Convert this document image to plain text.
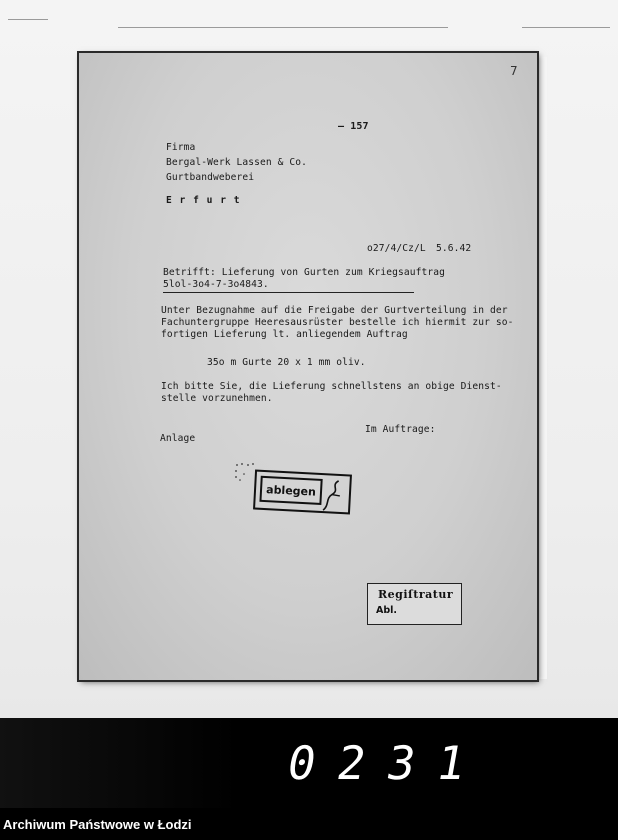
7
— 157
Firma
Bergal-Werk Lassen & Co.
Gurtbandweberei
E r f u r t
o27/4/Cz/L 5.6.42
Betrifft: Lieferung von Gurten zum Kriegsauftrag
5lol-3o4-7-3o4843.
Unter Bezugnahme auf die Freigabe der Gurtverteilung in der
Fachuntergruppe Heeresausrüster bestelle ich hiermit zur so-
fortigen Lieferung lt. anliegendem Auftrag
35o m Gurte 20 x 1 mm oliv.
Ich bitte Sie, die Lieferung schnellstens an obige Dienst-
stelle vorzunehmen.
Im Auftrage:
Anlage
ablegen
Regiſtratur
Abl.
0231
Archiwum Państwowe w Łodzi
